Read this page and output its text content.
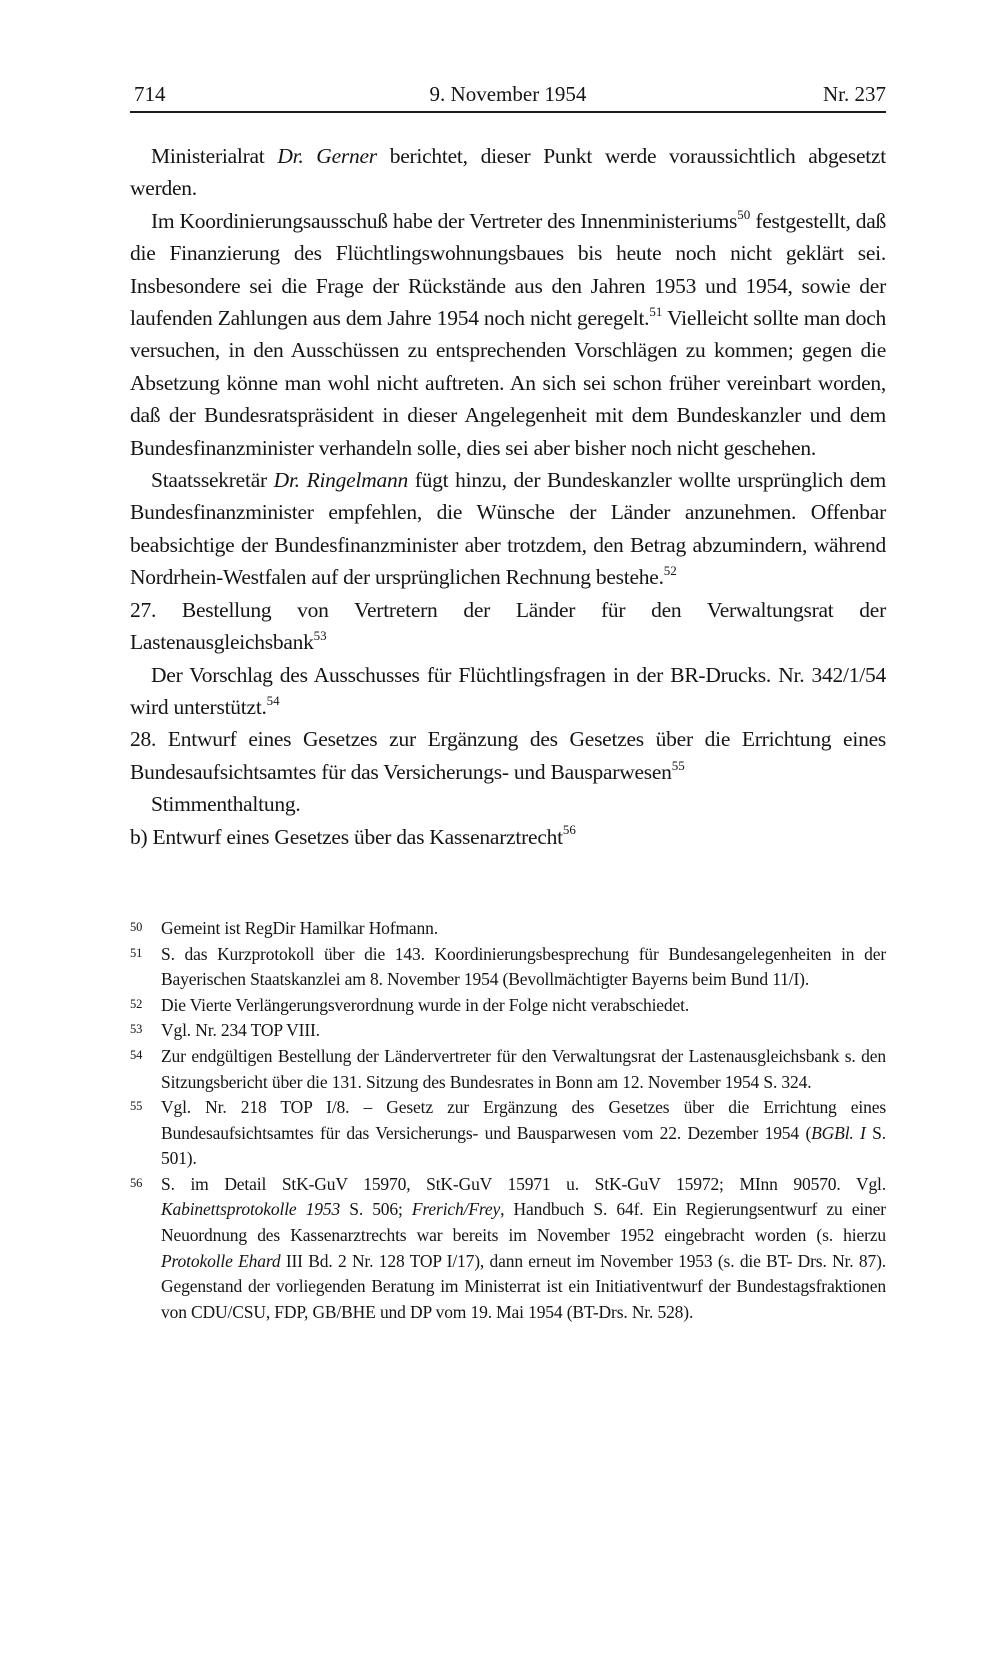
714	9. November 1954	Nr. 237

Ministerialrat Dr. Gerner berichtet, dieser Punkt werde voraussichtlich abgesetzt werden.

Im Koordinierungsausschuß habe der Vertreter des Innenministeriums$^{50}$ festgestellt, daß die Finanzierung des Flüchtlingswohnungsbaues bis heute noch nicht geklärt sei. Insbesondere sei die Frage der Rückstände aus den Jahren 1953 und 1954, sowie der laufenden Zahlungen aus dem Jahre 1954 noch nicht geregelt.$^{51}$ Vielleicht sollte man doch versuchen, in den Ausschüssen zu entsprechenden Vorschlägen zu kommen; gegen die Absetzung könne man wohl nicht auftreten. An sich sei schon früher vereinbart worden, daß der Bundesratspräsident in dieser Angelegenheit mit dem Bundeskanzler und dem Bundesfinanzminister verhandeln solle, dies sei aber bisher noch nicht geschehen.

Staatssekretär Dr. Ringelmann fügt hinzu, der Bundeskanzler wollte ursprünglich dem Bundesfinanzminister empfehlen, die Wünsche der Länder anzunehmen. Offenbar beabsichtige der Bundesfinanzminister aber trotzdem, den Betrag abzumindern, während Nordrhein-Westfalen auf der ursprünglichen Rechnung bestehe.$^{52}$

27. Bestellung von Vertretern der Länder für den Verwaltungsrat der Lastenausgleichsbank$^{53}$

Der Vorschlag des Ausschusses für Flüchtlingsfragen in der BR-Drucks. Nr. 342/1/54 wird unterstützt.$^{54}$

28. Entwurf eines Gesetzes zur Ergänzung des Gesetzes über die Errichtung eines Bundesaufsichtsamtes für das Versicherungs- und Bausparwesen$^{55}$

Stimmenthaltung.

b) Entwurf eines Gesetzes über das Kassenarztrecht$^{56}$

50 Gemeint ist RegDir Hamilkar Hofmann.
51 S. das Kurzprotokoll über die 143. Koordinierungsbesprechung für Bundesangelegenheiten in der Bayerischen Staatskanzlei am 8. November 1954 (Bevollmächtigter Bayerns beim Bund 11/I).
52 Die Vierte Verlängerungsverordnung wurde in der Folge nicht verabschiedet.
53 Vgl. Nr. 234 TOP VIII.
54 Zur endgültigen Bestellung der Ländervertreter für den Verwaltungsrat der Lastenausgleichsbank s. den Sitzungsbericht über die 131. Sitzung des Bundesrates in Bonn am 12. November 1954 S. 324.
55 Vgl. Nr. 218 TOP I/8. – Gesetz zur Ergänzung des Gesetzes über die Errichtung eines Bundesaufsichtsamtes für das Versicherungs- und Bausparwesen vom 22. Dezember 1954 (BGBl. I S. 501).
56 S. im Detail StK-GuV 15970, StK-GuV 15971 u. StK-GuV 15972; MInn 90570. Vgl. Kabinettsprotokolle 1953 S. 506; Frerich/Frey, Handbuch S. 64f. Ein Regierungsentwurf zu einer Neuordnung des Kassenarztrechts war bereits im November 1952 eingebracht worden (s. hierzu Protokolle Ehard III Bd. 2 Nr. 128 TOP I/17), dann erneut im November 1953 (s. die BT- Drs. Nr. 87). Gegenstand der vorliegenden Beratung im Ministerrat ist ein Initiativentwurf der Bundestagsfraktionen von CDU/CSU, FDP, GB/BHE und DP vom 19. Mai 1954 (BT-Drs. Nr. 528).
